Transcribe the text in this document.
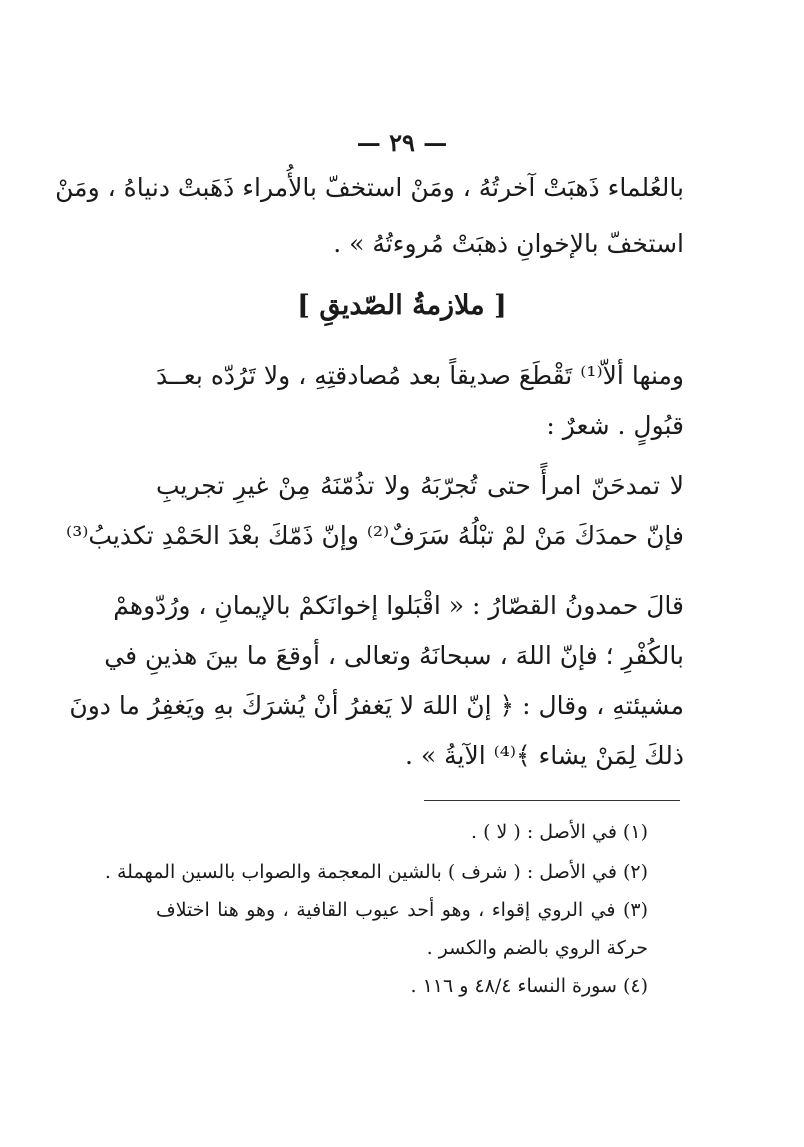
— ٢٩ —
بالعُلماء ذَهبَتْ آخرتُهُ ، ومَنْ استخفّ بالأُمراء ذَهَبتْ دنياهُ ، ومَنْ
استخفّ بالإخوانِ ذهبَتْ مُروءتُهُ » .
[ ملازمةُ الصّديقِ ]
ومنها ألاّ⁽¹⁾ تَقْطَعَ صديقاً بعد مُصادقتِهِ ، ولا تَرُدّه بعــدَ
قبُولٍ . شعرٌ :
لا تمدحَنّ امرأً حتى تُجرّبَهُ ولا تذُمّنَهُ مِنْ غيرِ تجريبِ
فإنّ حمدَكَ مَنْ لمْ تبْلُهُ سَرَفٌ⁽²⁾ وإنّ ذَمّكَ بعْدَ الحَمْدِ تكذيبُ⁽³⁾
قالَ حمدونُ القصّارُ : « اقْبَلوا إخوانَكمْ بالإيمانِ ، ورُدّوهمْ
بالكُفْرِ ؛ فإنّ اللهَ ، سبحانَهُ وتعالى ، أوقعَ ما بينَ هذينِ في
مشيئتهِ ، وقال : ﴿ إنّ اللهَ لا يَغفرُ أنْ يُشرَكَ بهِ ويَغفِرُ ما دونَ
ذلكَ لِمَنْ يشاء ﴾⁽⁴⁾ الآيةُ » .
(١) في الأصل : ( لا ) .
(٢) في الأصل : ( شرف ) بالشين المعجمة والصواب بالسين المهملة .
(٣) في الروي إقواء ، وهو أحد عيوب القافية ، وهو هنا اختلاف
حركة الروي بالضم والكسر .
(٤) سورة النساء ٤٨/٤ و ١١٦ .
